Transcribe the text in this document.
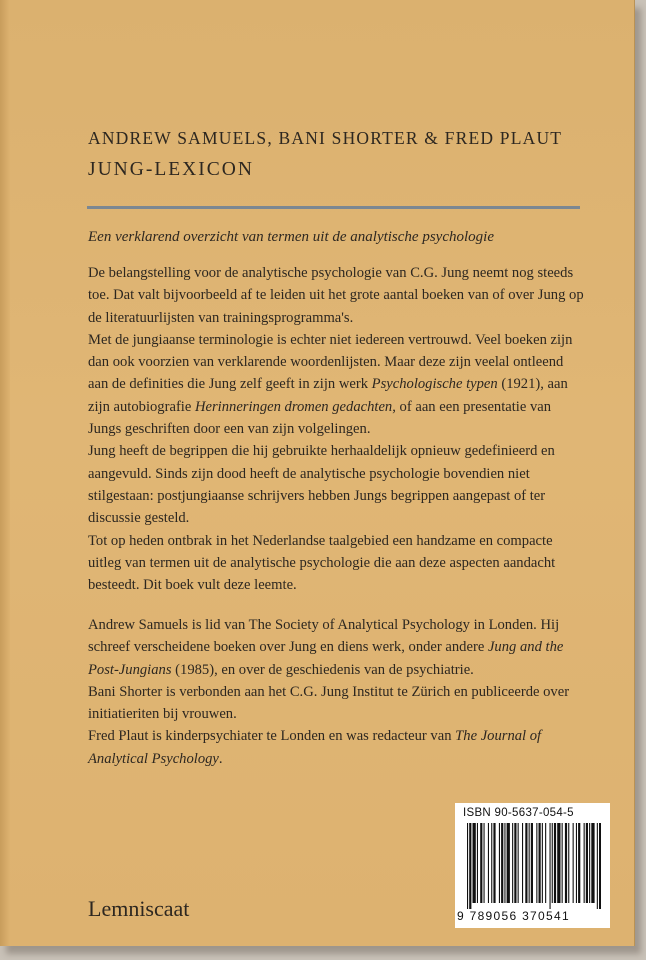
ANDREW SAMUELS, BANI SHORTER & FRED PLAUT
JUNG-LEXICON
Een verklarend overzicht van termen uit de analytische psychologie

De belangstelling voor de analytische psychologie van C.G. Jung neemt nog steeds toe. Dat valt bijvoorbeeld af te leiden uit het grote aantal boeken van of over Jung op de literatuurlijsten van trainingsprogramma's.

Met de jungiaanse terminologie is echter niet iedereen vertrouwd. Veel boeken zijn dan ook voorzien van verklarende woordenlijsten. Maar deze zijn veelal ontleend aan de definities die Jung zelf geeft in zijn werk Psychologische typen (1921), aan zijn autobiografie Herinneringen dromen gedachten, of aan een presentatie van Jungs geschriften door een van zijn volgelingen.

Jung heeft de begrippen die hij gebruikte herhaaldelijk opnieuw gedefinieerd en aangevuld. Sinds zijn dood heeft de analytische psychologie bovendien niet stilgestaan: postjungiaanse schrijvers hebben Jungs begrippen aangepast of ter discussie gesteld.

Tot op heden ontbrak in het Nederlandse taalgebied een handzame en compacte uitleg van termen uit de analytische psychologie die aan deze aspecten aandacht besteedt. Dit boek vult deze leemte.

Andrew Samuels is lid van The Society of Analytical Psychology in Londen. Hij schreef verscheidene boeken over Jung en diens werk, onder andere Jung and the Post-Jungians (1985), en over de geschiedenis van de psychiatrie.

Bani Shorter is verbonden aan het C.G. Jung Institut te Zürich en publiceerde over initiatieriten bij vrouwen.

Fred Plaut is kinderpsychiater te Londen en was redacteur van The Journal of Analytical Psychology.

Lemniscaat
ISBN 90-5637-054-5
9 789056 370541
